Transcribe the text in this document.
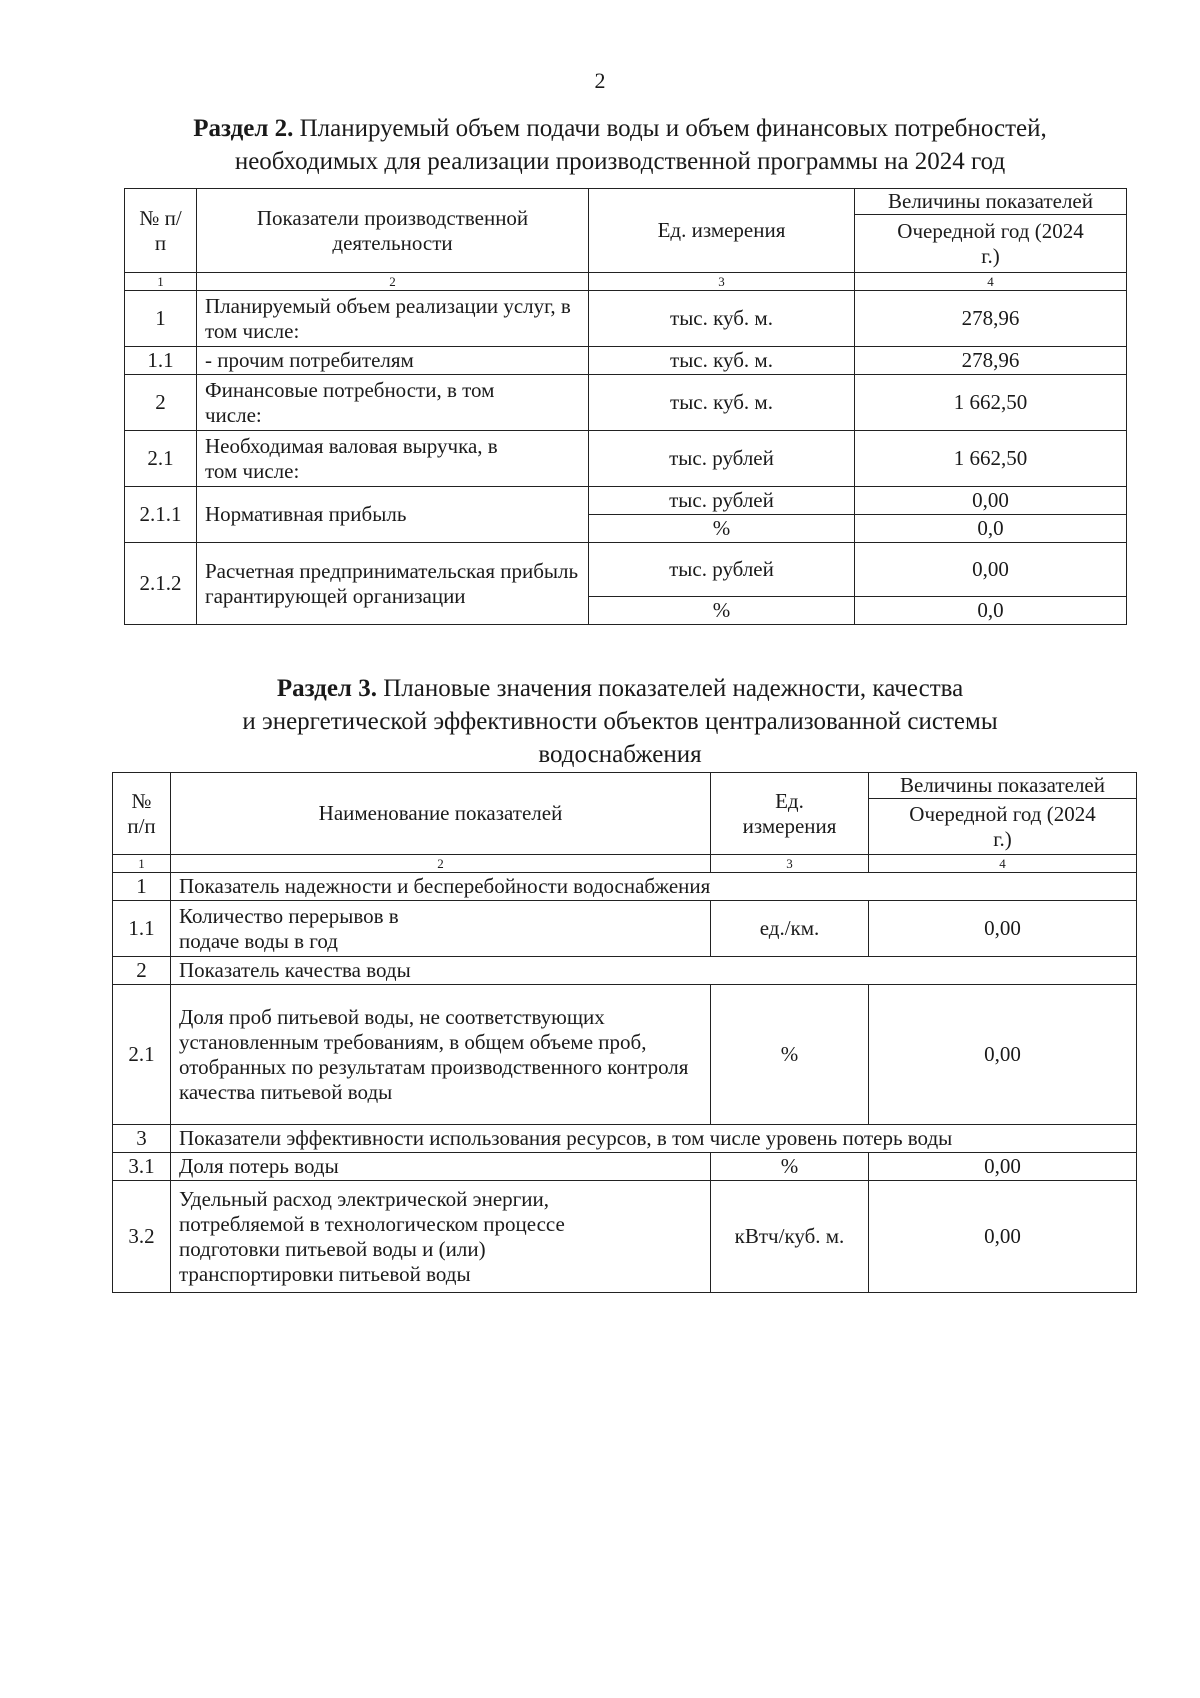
2
Раздел 2. Планируемый объем подачи воды и объем финансовых потребностей,
необходимых для реализации производственной программы на 2024 год
№ п/п	Показатели производственной деятельности	Ед. измерения	Величины показателей
			Очередной год (2024 г.)
1	2	3	4
1	Планируемый объем реализации услуг, в том числе:	тыс. куб. м.	278,96
1.1	- прочим потребителям	тыс. куб. м.	278,96
2	Финансовые потребности, в том числе:	тыс. куб. м.	1 662,50
2.1	Необходимая валовая выручка, в том числе:	тыс. рублей	1 662,50
2.1.1	Нормативная прибыль	тыс. рублей	0,00
		%	0,0
2.1.2	Расчетная предпринимательская прибыль гарантирующей организации	тыс. рублей	0,00
		%	0,0
Раздел 3. Плановые значения показателей надежности, качества
и энергетической эффективности объектов централизованной системы
водоснабжения
№ п/п	Наименование показателей	Ед. измерения	Величины показателей
			Очередной год (2024 г.)
1	2	3	4
1	Показатель надежности и бесперебойности водоснабжения		
1.1	Количество перерывов в подаче воды в год	ед./км.	0,00
2	Показатель качества воды		
2.1	Доля проб питьевой воды, не соответствующих установленным требованиям, в общем объеме проб, отобранных по результатам производственного контроля качества питьевой воды	%	0,00
3	Показатели эффективности использования ресурсов, в том числе уровень потерь воды		
3.1	Доля потерь воды	%	0,00
3.2	Удельный расход электрической энергии, потребляемой в технологическом процессе подготовки питьевой воды и (или) транспортировки питьевой воды	кВтч/куб. м.	0,00
